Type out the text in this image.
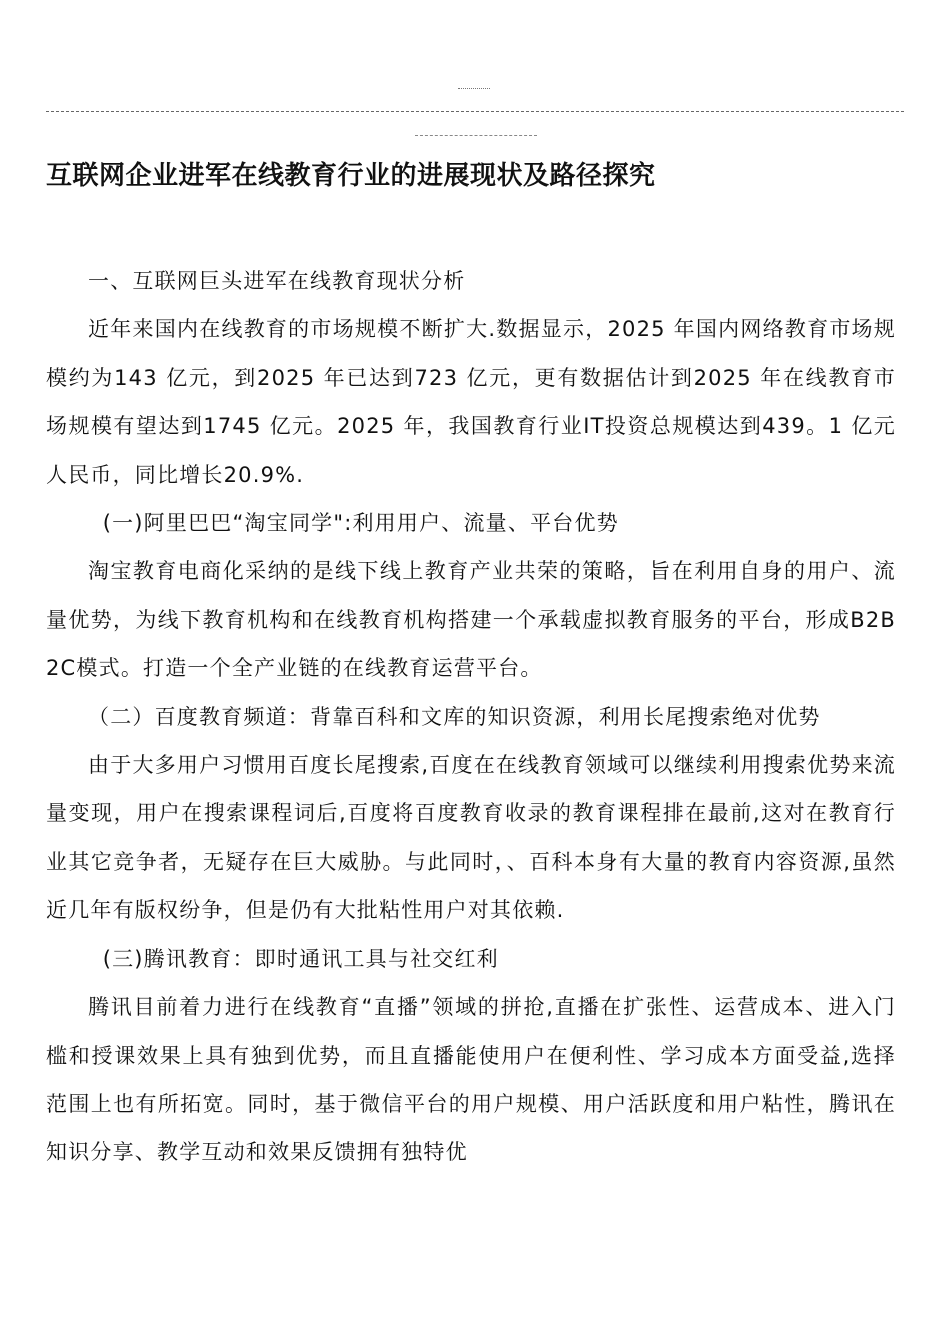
互联网企业进军在线教育行业的进展现状及路径探究

一、互联网巨头进军在线教育现状分析

近年来国内在线教育的市场规模不断扩大.数据显示，2025 年国内网络教育市场规模约为143 亿元，到2025 年已达到723 亿元，更有数据估计到2025 年在线教育市场规模有望达到1745 亿元。2025 年，我国教育行业IT投资总规模达到439。1 亿元人民币，同比增长20.9%.

(一)阿里巴巴“淘宝同学":利用用户、流量、平台优势

淘宝教育电商化采纳的是线下线上教育产业共荣的策略，旨在利用自身的用户、流量优势，为线下教育机构和在线教育机构搭建一个承载虚拟教育服务的平台，形成B2B2C模式。打造一个全产业链的在线教育运营平台。

（二）百度教育频道：背靠百科和文库的知识资源，利用长尾搜索绝对优势

由于大多用户习惯用百度长尾搜索,百度在在线教育领域可以继续利用搜索优势来流量变现，用户在搜索课程词后,百度将百度教育收录的教育课程排在最前,这对在教育行业其它竞争者，无疑存在巨大威胁。与此同时，、百科本身有大量的教育内容资源,虽然近几年有版权纷争，但是仍有大批粘性用户对其依赖.

(三)腾讯教育：即时通讯工具与社交红利

腾讯目前着力进行在线教育“直播”领域的拼抢,直播在扩张性、运营成本、进入门槛和授课效果上具有独到优势，而且直播能使用户在便利性、学习成本方面受益,选择范围上也有所拓宽。同时，基于微信平台的用户规模、用户活跃度和用户粘性，腾讯在知识分享、教学互动和效果反馈拥有独特优
